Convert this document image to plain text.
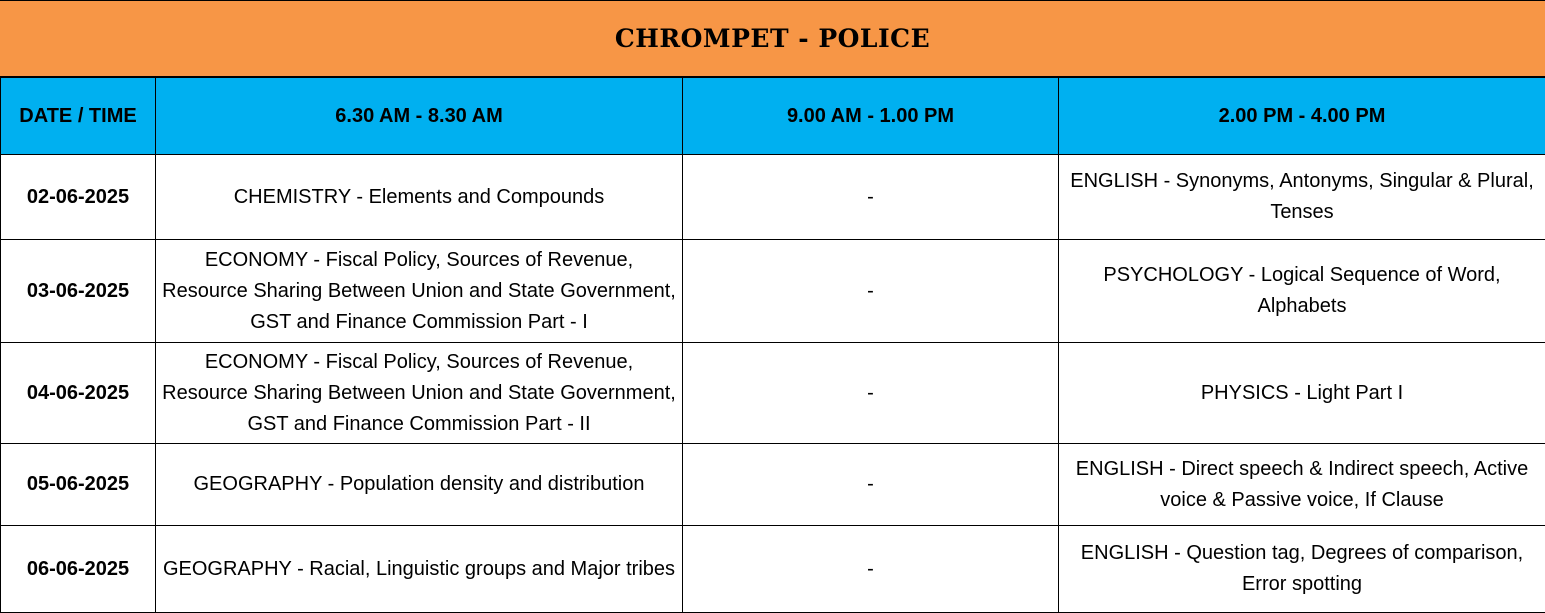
CHROMPET - POLICE
DATE / TIME	6.30 AM - 8.30 AM	9.00 AM - 1.00 PM	2.00 PM - 4.00 PM
02-06-2025	CHEMISTRY - Elements and Compounds	-	ENGLISH - Synonyms, Antonyms, Singular & Plural, Tenses
03-06-2025	ECONOMY - Fiscal Policy, Sources of Revenue, Resource Sharing Between Union and State Government, GST and Finance Commission Part - I	-	PSYCHOLOGY - Logical Sequence of Word, Alphabets
04-06-2025	ECONOMY - Fiscal Policy, Sources of Revenue, Resource Sharing Between Union and State Government, GST and Finance Commission Part - II	-	PHYSICS - Light Part I
05-06-2025	GEOGRAPHY - Population density and distribution	-	ENGLISH - Direct speech & Indirect speech, Active voice & Passive voice, If Clause
06-06-2025	GEOGRAPHY - Racial, Linguistic groups and Major tribes	-	ENGLISH - Question tag, Degrees of comparison, Error spotting
